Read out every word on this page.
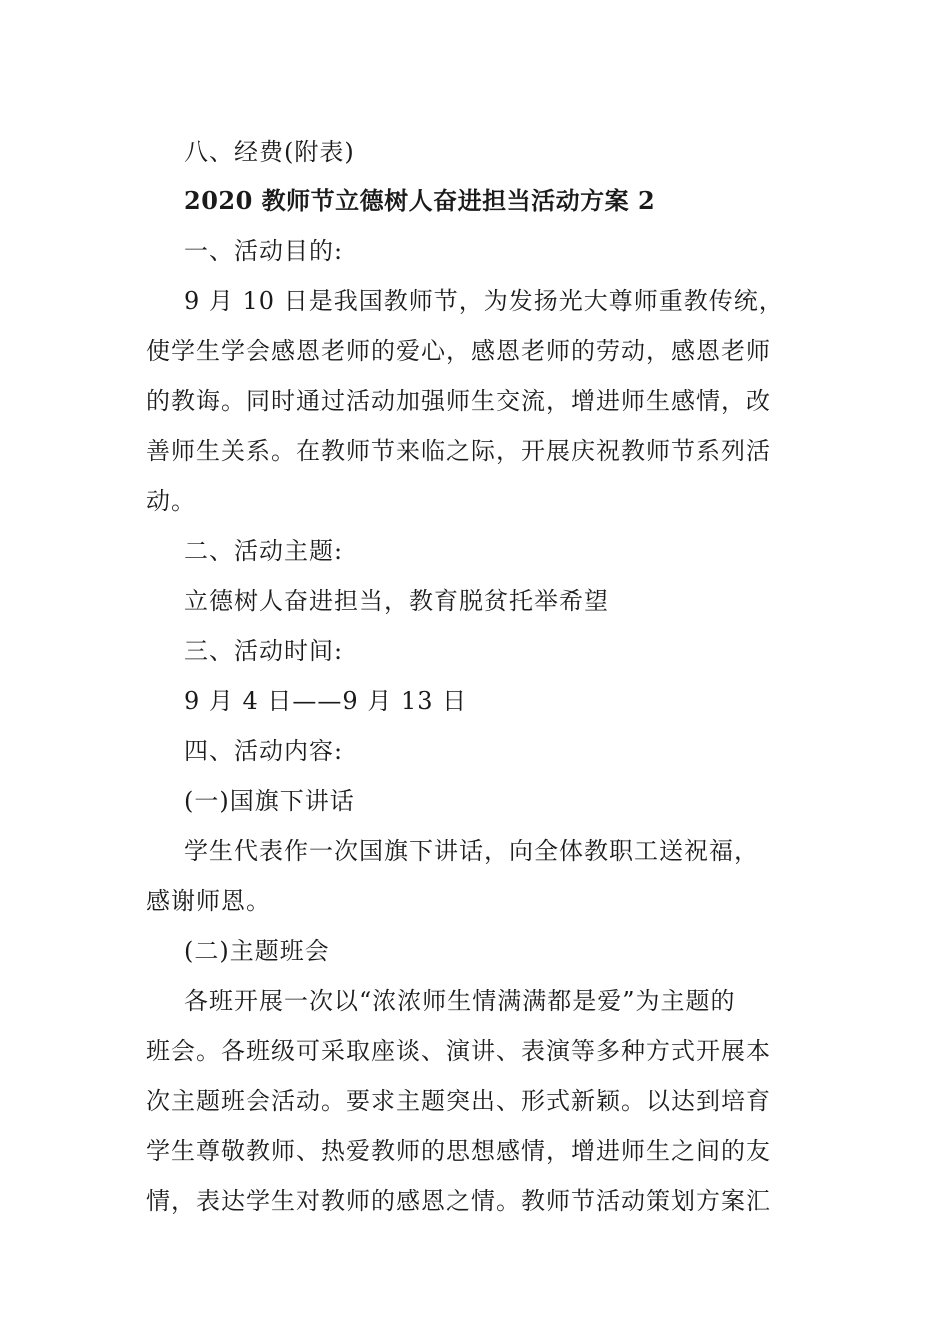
八、经费(附表)
2020 教师节立德树人奋进担当活动方案 2
一、活动目的:
9 月 10 日是我国教师节，为发扬光大尊师重教传统，
使学生学会感恩老师的爱心，感恩老师的劳动，感恩老师
的教诲。同时通过活动加强师生交流，增进师生感情，改
善师生关系。在教师节来临之际，开展庆祝教师节系列活
动。
二、活动主题:
立德树人奋进担当，教育脱贫托举希望
三、活动时间:
9 月 4 日——9 月 13 日
四、活动内容:
(一)国旗下讲话
学生代表作一次国旗下讲话，向全体教职工送祝福，
感谢师恩。
(二)主题班会
各班开展一次以“浓浓师生情满满都是爱”为主题的
班会。各班级可采取座谈、演讲、表演等多种方式开展本
次主题班会活动。要求主题突出、形式新颖。以达到培育
学生尊敬教师、热爱教师的思想感情，增进师生之间的友
情，表达学生对教师的感恩之情。教师节活动策划方案汇
